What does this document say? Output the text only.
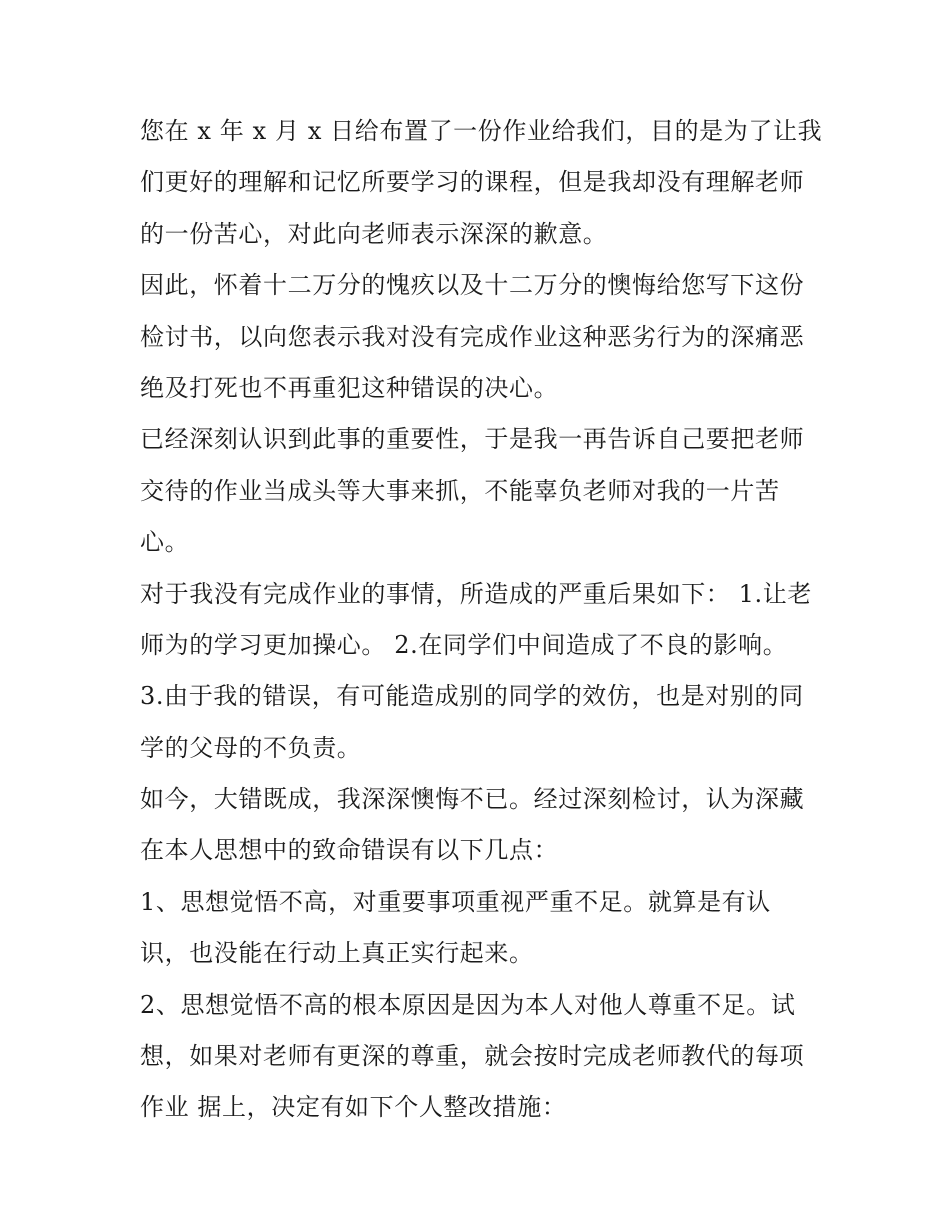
您在 x 年 x 月 x 日给布置了一份作业给我们，目的是为了让我
们更好的理解和记忆所要学习的课程，但是我却没有理解老师
的一份苦心，对此向老师表示深深的歉意。
因此，怀着十二万分的愧疚以及十二万分的懊悔给您写下这份
检讨书，以向您表示我对没有完成作业这种恶劣行为的深痛恶
绝及打死也不再重犯这种错误的决心。
已经深刻认识到此事的重要性，于是我一再告诉自己要把老师
交待的作业当成头等大事来抓，不能辜负老师对我的一片苦
心。
对于我没有完成作业的事情，所造成的严重后果如下： 1.让老
师为的学习更加操心。 2.在同学们中间造成了不良的影响。
3.由于我的错误，有可能造成别的同学的效仿，也是对别的同
学的父母的不负责。
如今，大错既成，我深深懊悔不已。经过深刻检讨，认为深藏
在本人思想中的致命错误有以下几点：
1、思想觉悟不高，对重要事项重视严重不足。就算是有认
识，也没能在行动上真正实行起来。
2、思想觉悟不高的根本原因是因为本人对他人尊重不足。试
想，如果对老师有更深的尊重，就会按时完成老师教代的每项
作业 据上，决定有如下个人整改措施：
